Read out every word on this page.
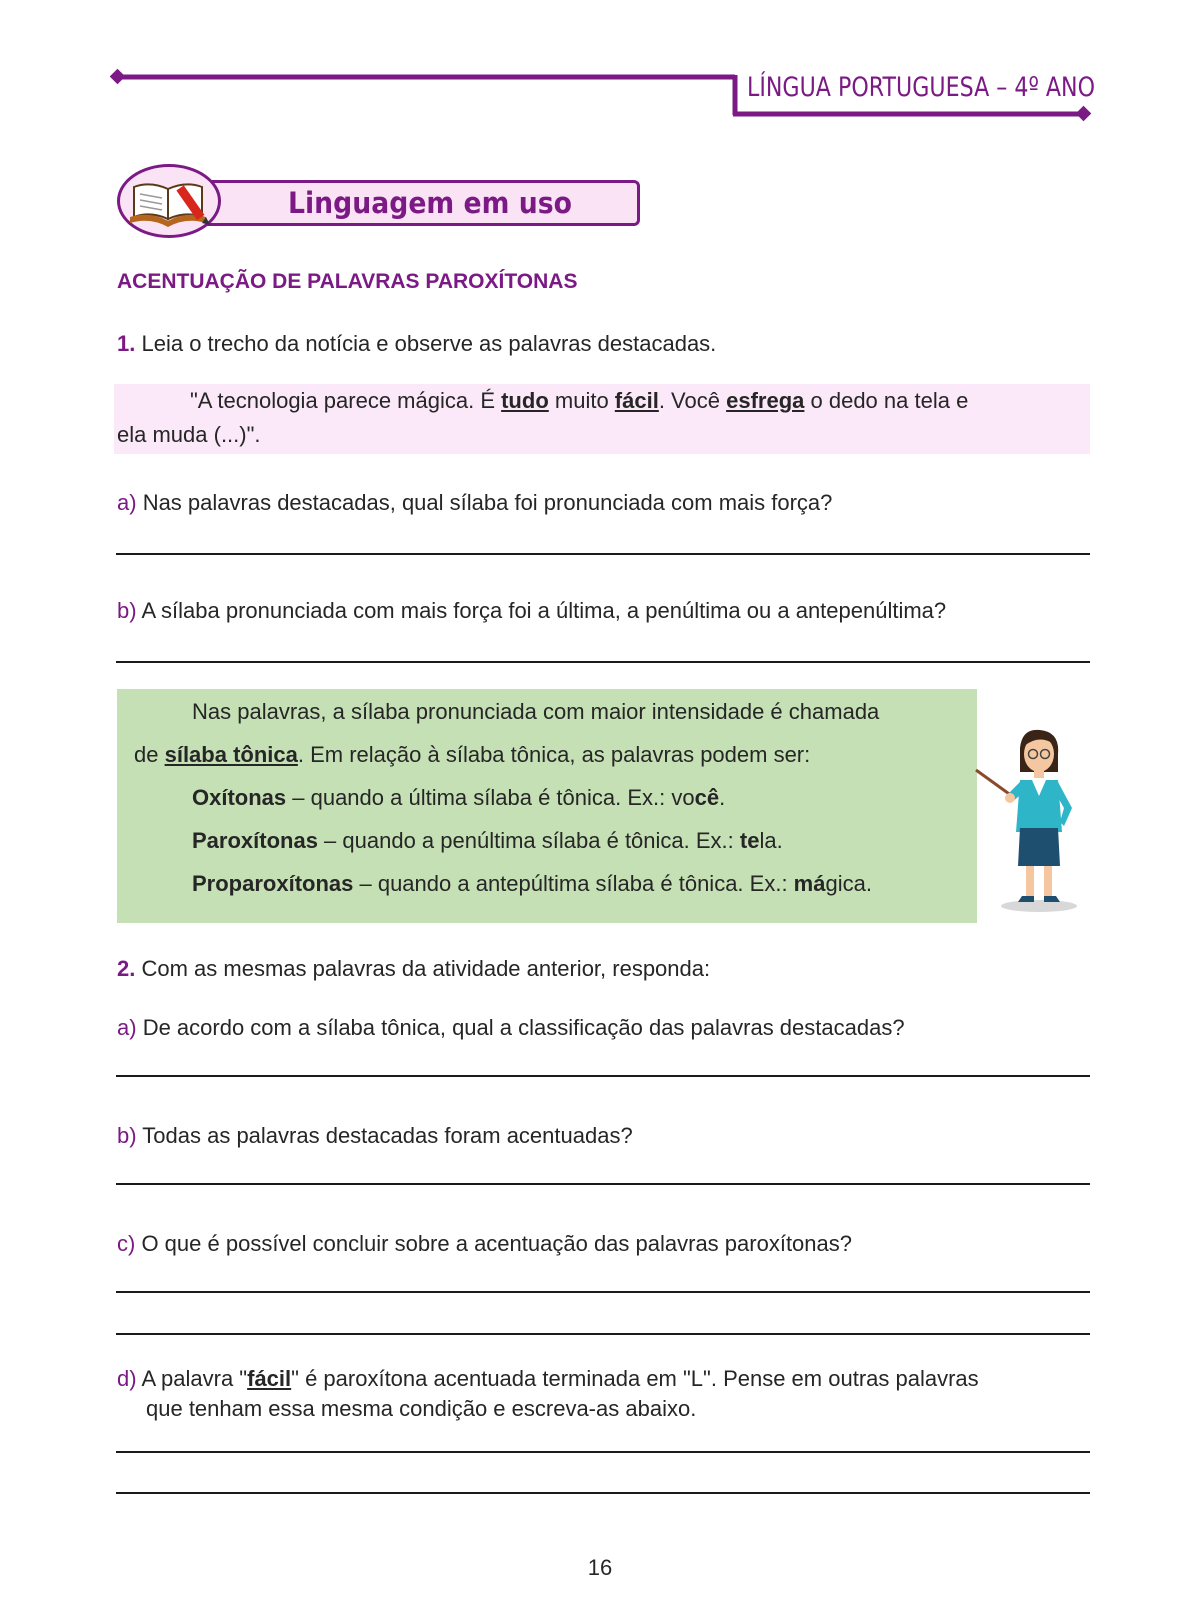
LÍNGUA PORTUGUESA – 4º ANO
Linguagem em uso
ACENTUAÇÃO DE PALAVRAS PAROXÍTONAS
1. Leia o trecho da notícia e observe as palavras destacadas.
"A tecnologia parece mágica. É tudo muito fácil. Você esfrega o dedo na tela e
ela muda (...)".
a) Nas palavras destacadas, qual sílaba foi pronunciada com mais força?
b) A sílaba pronunciada com mais força foi a última, a penúltima ou a antepenúltima?
Nas palavras, a sílaba pronunciada com maior intensidade é chamada
de sílaba tônica. Em relação à sílaba tônica, as palavras podem ser:
Oxítonas – quando a última sílaba é tônica. Ex.: você.
Paroxítonas – quando a penúltima sílaba é tônica. Ex.: tela.
Proparoxítonas – quando a antepúltima sílaba é tônica. Ex.: mágica.
2. Com as mesmas palavras da atividade anterior, responda:
a) De acordo com a sílaba tônica, qual a classificação das palavras destacadas?
b) Todas as palavras destacadas foram acentuadas?
c) O que é possível concluir sobre a acentuação das palavras paroxítonas?
d) A palavra "fácil" é paroxítona acentuada terminada em "L". Pense em outras palavras
que tenham essa mesma condição e escreva-as abaixo.
16
